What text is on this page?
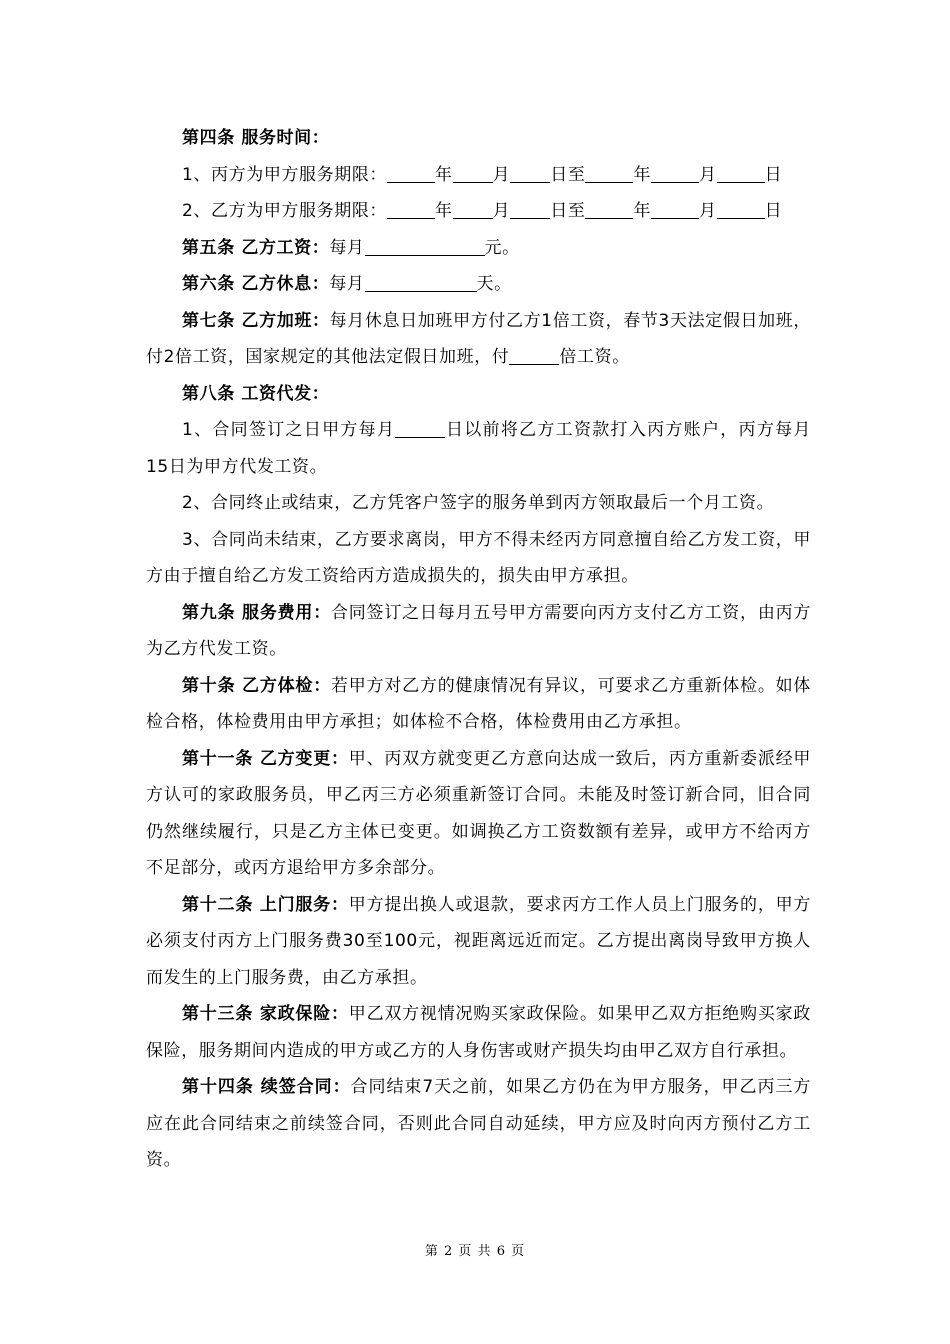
第四条 服务时间：

1、丙方为甲方服务期限：	年 月 日至	年	月	日

2、乙方为甲方服务期限：	年 月 日至	年	月	日

第五条 乙方工资：每月	元。

第六条 乙方休息：每月	天。

第七条 乙方加班：每月休息日加班甲方付乙方1倍工资，春节3天法定假日加班，付2倍工资，国家规定的其他法定假日加班，付	倍工资。

第八条 工资代发：

1、合同签订之日甲方每月	日以前将乙方工资款打入丙方账户，丙方每月15日为甲方代发工资。

2、合同终止或结束，乙方凭客户签字的服务单到丙方领取最后一个月工资。

3、合同尚未结束，乙方要求离岗，甲方不得未经丙方同意擅自给乙方发工资，甲方由于擅自给乙方发工资给丙方造成损失的，损失由甲方承担。

第九条 服务费用：合同签订之日每月五号甲方需要向丙方支付乙方工资，由丙方为乙方代发工资。

第十条 乙方体检：若甲方对乙方的健康情况有异议，可要求乙方重新体检。如体检合格，体检费用由甲方承担；如体检不合格，体检费用由乙方承担。

第十一条 乙方变更：甲、丙双方就变更乙方意向达成一致后，丙方重新委派经甲方认可的家政服务员，甲乙丙三方必须重新签订合同。未能及时签订新合同，旧合同仍然继续履行，只是乙方主体已变更。如调换乙方工资数额有差异，或甲方不给丙方不足部分，或丙方退给甲方多余部分。

第十二条 上门服务：甲方提出换人或退款，要求丙方工作人员上门服务的，甲方必须支付丙方上门服务费30至100元，视距离远近而定。乙方提出离岗导致甲方换人而发生的上门服务费，由乙方承担。

第十三条 家政保险：甲乙双方视情况购买家政保险。如果甲乙双方拒绝购买家政保险，服务期间内造成的甲方或乙方的人身伤害或财产损失均由甲乙双方自行承担。

第十四条 续签合同：合同结束7天之前，如果乙方仍在为甲方服务，甲乙丙三方应在此合同结束之前续签合同，否则此合同自动延续，甲方应及时向丙方预付乙方工资。

第 2 页 共 6 页
